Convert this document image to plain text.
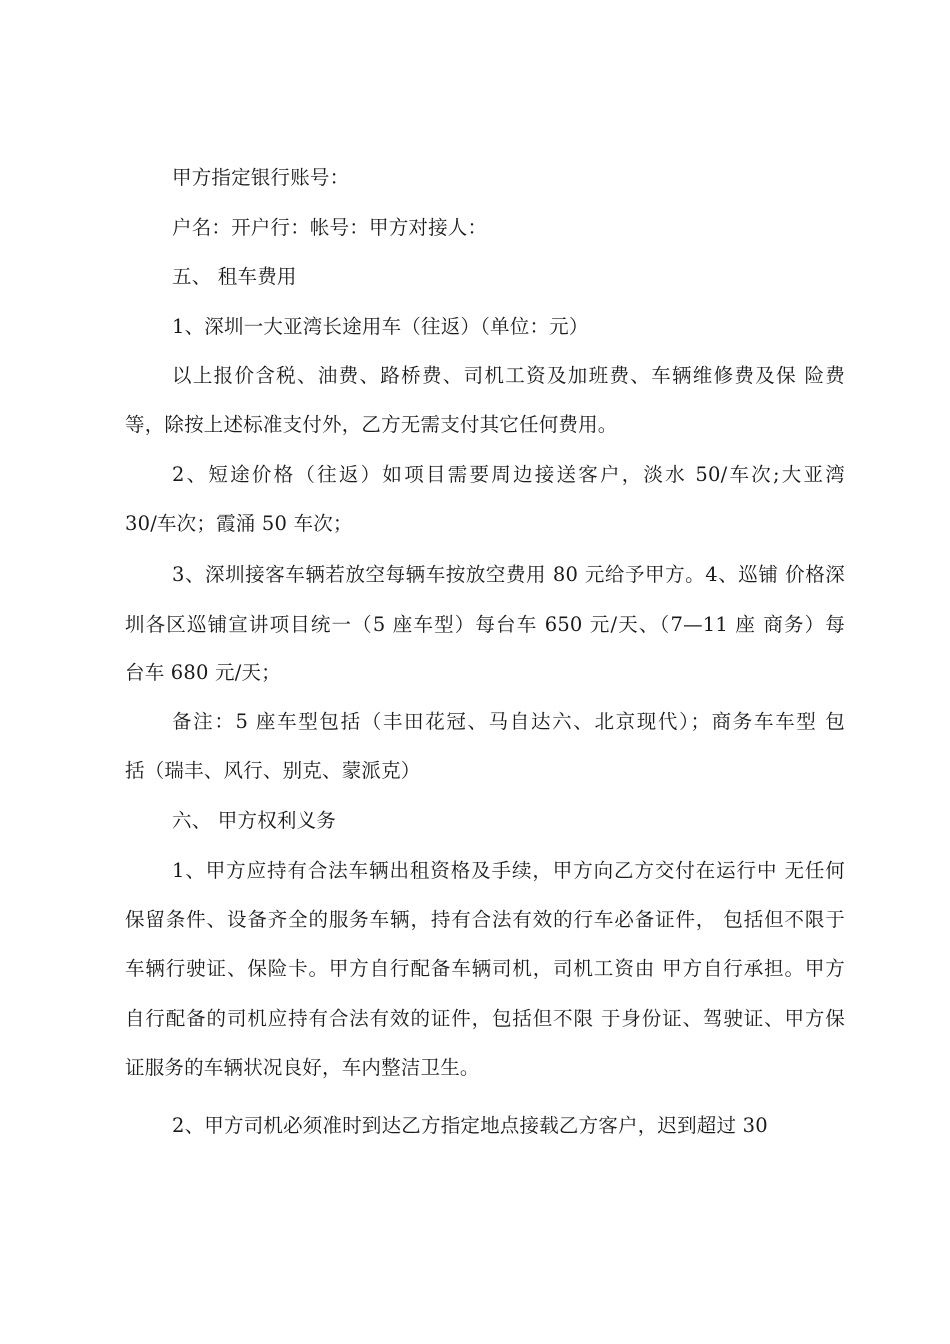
甲方指定银行账号：
户名：开户行：帐号：甲方对接人：
五、 租车费用
1、深圳一大亚湾长途用车（往返）（单位：元）
以上报价含税、油费、路桥费、司机工资及加班费、车辆维修费及保 险费
等，除按上述标准支付外，乙方无需支付其它任何费用。
2、短途价格（往返）如项目需要周边接送客户，淡水 50/车次;大亚湾
30/车次；霞涌 50 车次；
3、深圳接客车辆若放空每辆车按放空费用 80 元给予甲方。4、巡铺 价格深
圳各区巡铺宣讲项目统一（5 座车型）每台车 650 元/天、（7—11 座 商务）每
台车 680 元/天；
备注：5 座车型包括（丰田花冠、马自达六、北京现代）；商务车车型 包
括（瑞丰、风行、别克、蒙派克）
六、 甲方权利义务
1、甲方应持有合法车辆出租资格及手续，甲方向乙方交付在运行中 无任何
保留条件、设备齐全的服务车辆，持有合法有效的行车必备证件， 包括但不限于
车辆行驶证、保险卡。甲方自行配备车辆司机，司机工资由 甲方自行承担。甲方
自行配备的司机应持有合法有效的证件，包括但不限 于身份证、驾驶证、甲方保
证服务的车辆状况良好，车内整洁卫生。
2、甲方司机必须准时到达乙方指定地点接载乙方客户，迟到超过 30
